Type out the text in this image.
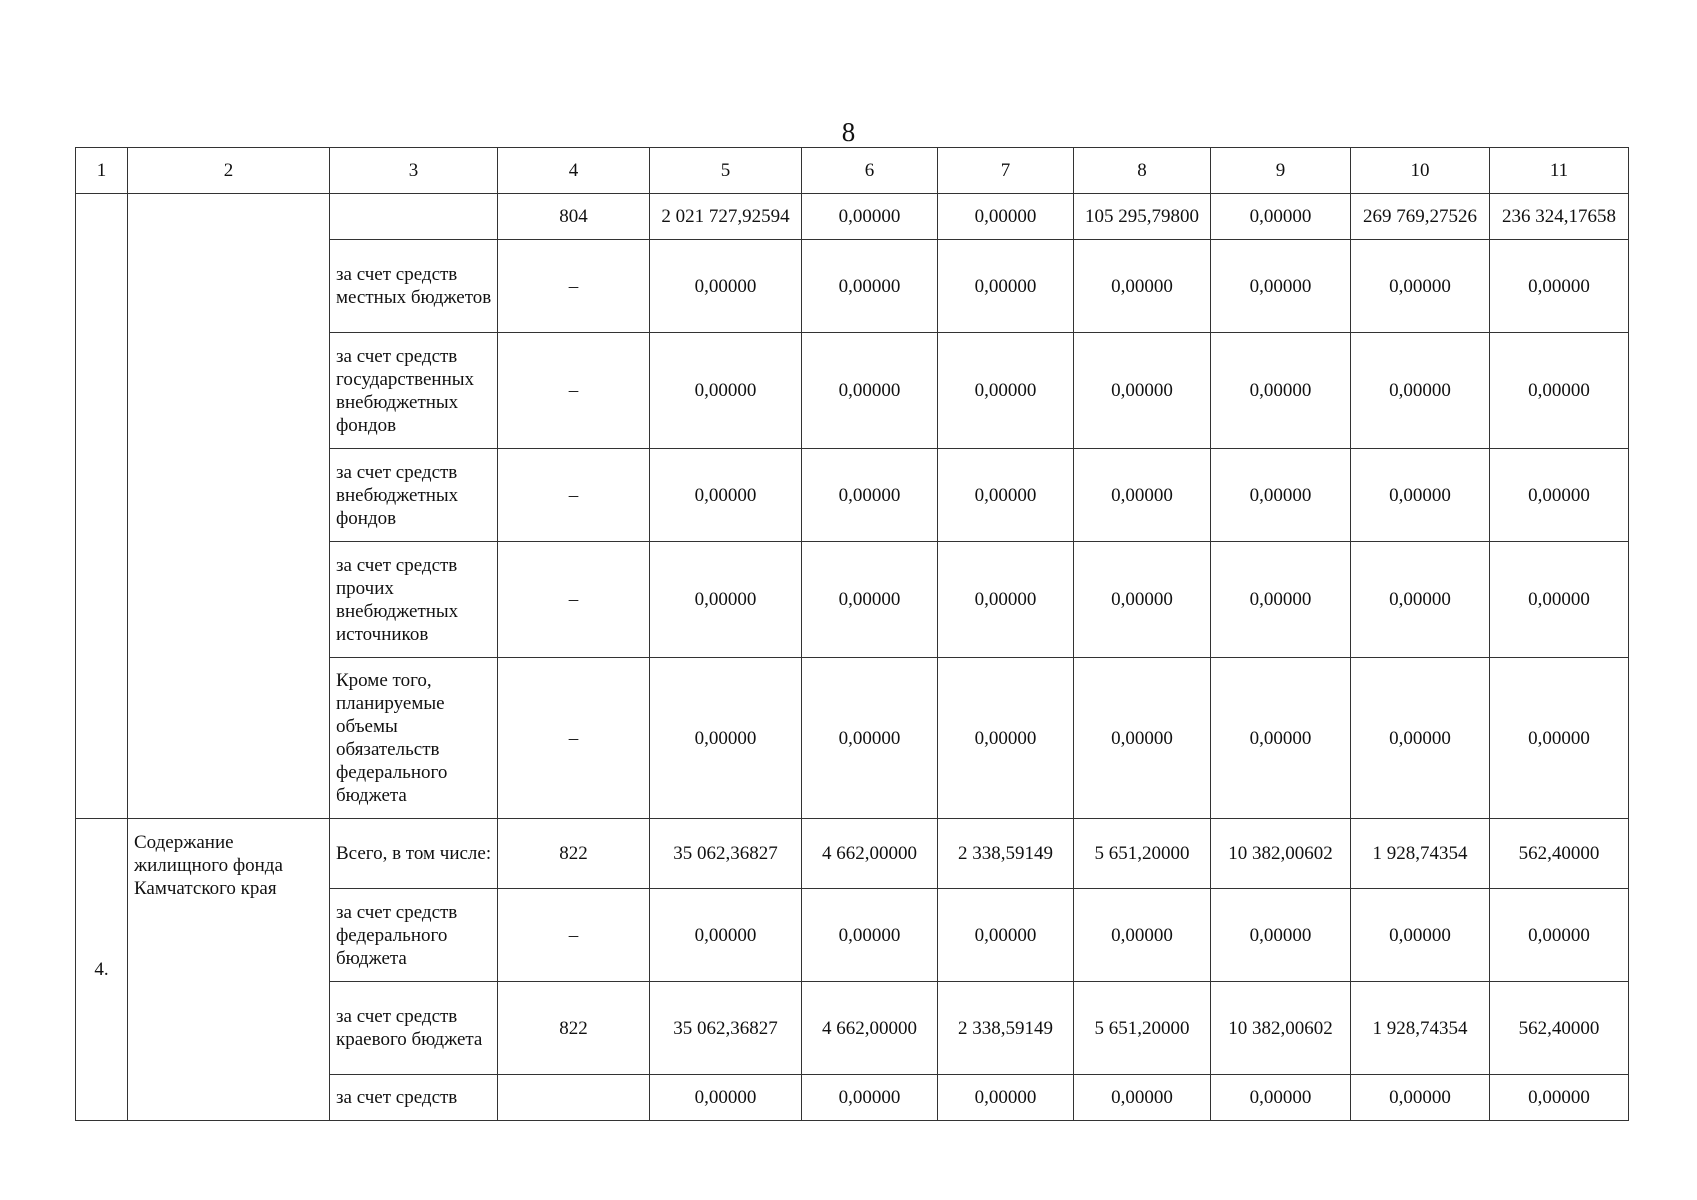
8
1	2	3	4	5	6	7	8	9	10	11
			804	2 021 727,92594	0,00000	0,00000	105 295,79800	0,00000	269 769,27526	236 324,17658
		за счет средств местных бюджетов	–	0,00000	0,00000	0,00000	0,00000	0,00000	0,00000	0,00000
		за счет средств государственных внебюджетных фондов	–	0,00000	0,00000	0,00000	0,00000	0,00000	0,00000	0,00000
		за счет средств внебюджетных фондов	–	0,00000	0,00000	0,00000	0,00000	0,00000	0,00000	0,00000
		за счет средств прочих внебюджетных источников	–	0,00000	0,00000	0,00000	0,00000	0,00000	0,00000	0,00000
		Кроме того, планируемые объемы обязательств федерального бюджета	–	0,00000	0,00000	0,00000	0,00000	0,00000	0,00000	0,00000
4.	Содержание жилищного фонда Камчатского края	Всего, в том числе:	822	35 062,36827	4 662,00000	2 338,59149	5 651,20000	10 382,00602	1 928,74354	562,40000
		за счет средств федерального бюджета	–	0,00000	0,00000	0,00000	0,00000	0,00000	0,00000	0,00000
		за счет средств краевого бюджета	822	35 062,36827	4 662,00000	2 338,59149	5 651,20000	10 382,00602	1 928,74354	562,40000
		за счет средств		0,00000	0,00000	0,00000	0,00000	0,00000	0,00000	0,00000
